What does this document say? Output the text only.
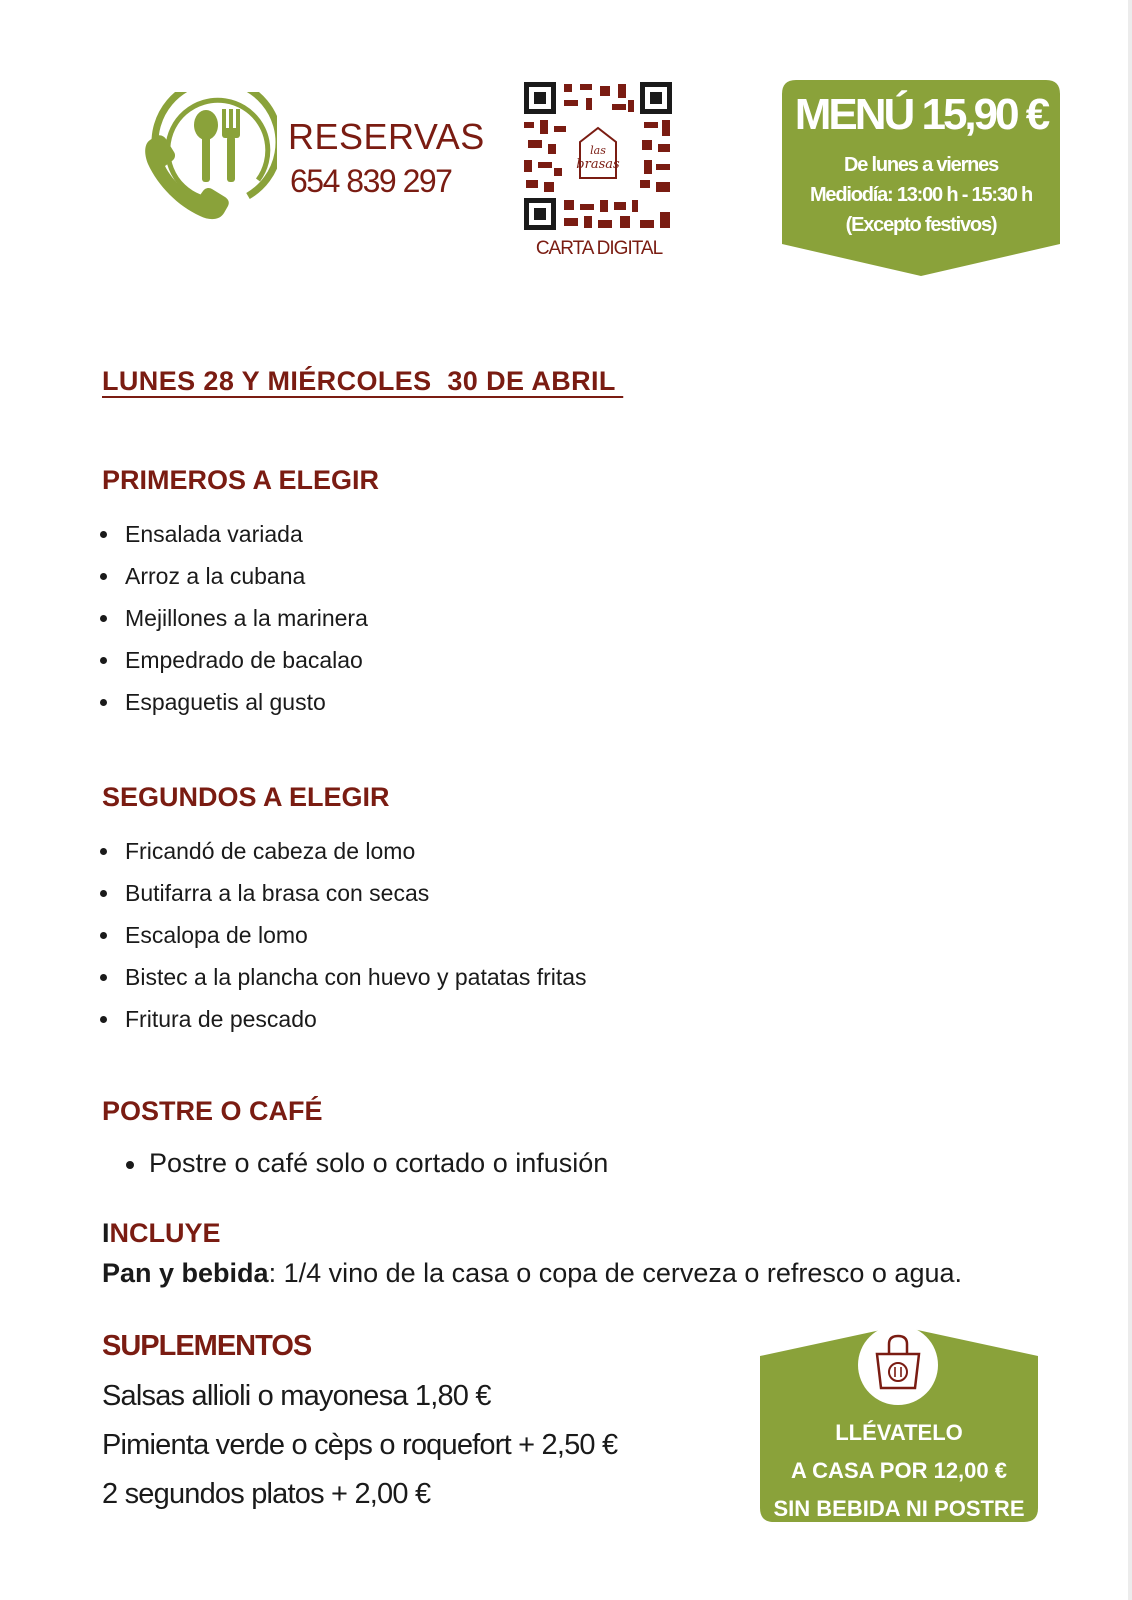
RESERVAS
654 839 297
las
brasas
CARTA DIGITAL
MENÚ 15,90 €
De lunes a viernes
Mediodía: 13:00 h - 15:30 h
(Excepto festivos)
LUNES 28 Y MIÉRCOLES  30 DE ABRIL
PRIMEROS A ELEGIR
Ensalada variada
Arroz a la cubana
Mejillones a la marinera
Empedrado de bacalao
Espaguetis al gusto
SEGUNDOS A ELEGIR
Fricandó de cabeza de lomo
Butifarra a la brasa con secas
Escalopa de lomo
Bistec a la plancha con huevo y patatas fritas
Fritura de pescado
POSTRE O CAFÉ
Postre o café solo o cortado o infusión
INCLUYE
Pan y bebida: 1/4 vino de la casa o copa de cerveza o refresco o agua.
SUPLEMENTOS
Salsas allioli o mayonesa 1,80 €
Pimienta verde o cèps o roquefort + 2,50 €
2 segundos platos + 2,00 €
LLÉVATELO
A CASA POR 12,00 €
SIN BEBIDA NI POSTRE
